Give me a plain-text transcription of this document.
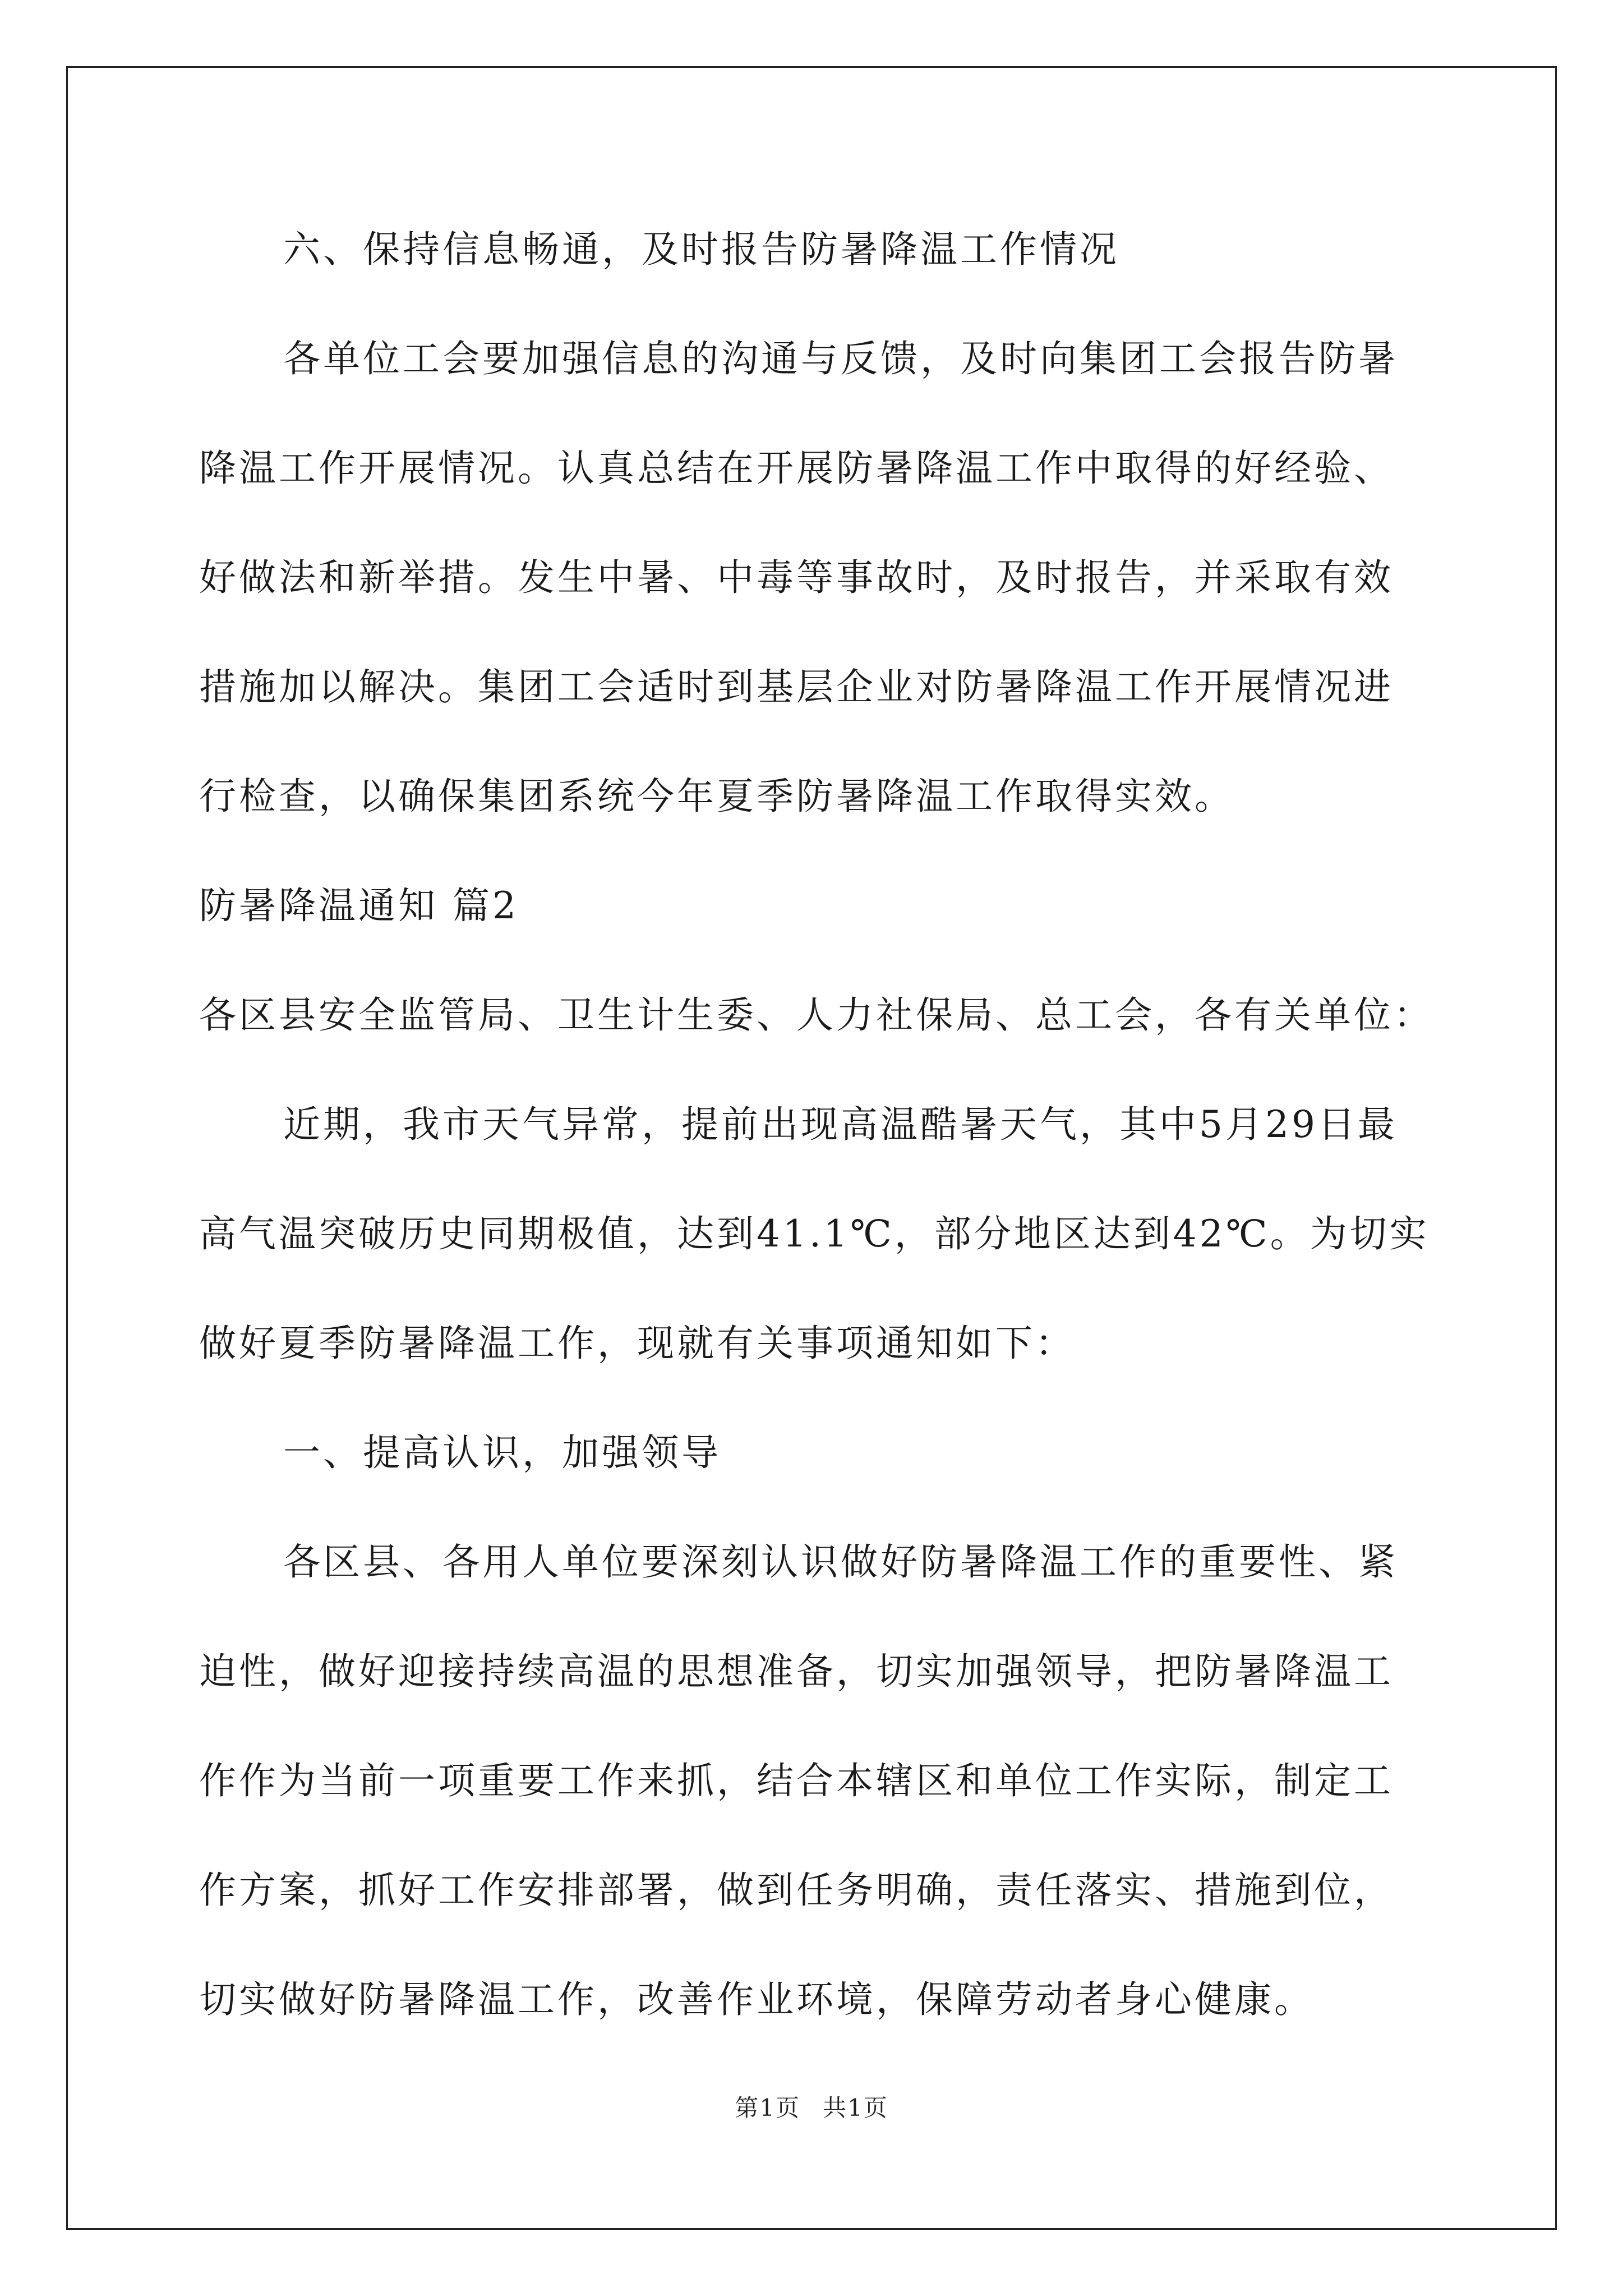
六、保持信息畅通，及时报告防暑降温工作情况
各单位工会要加强信息的沟通与反馈，及时向集团工会报告防暑
降温工作开展情况。认真总结在开展防暑降温工作中取得的好经验、
好做法和新举措。发生中暑、中毒等事故时，及时报告，并采取有效
措施加以解决。集团工会适时到基层企业对防暑降温工作开展情况进
行检查，以确保集团系统今年夏季防暑降温工作取得实效。
防暑降温通知 篇2
各区县安全监管局、卫生计生委、人力社保局、总工会，各有关单位：
近期，我市天气异常，提前出现高温酷暑天气，其中5月29日最
高气温突破历史同期极值，达到41.1℃，部分地区达到42℃。为切实
做好夏季防暑降温工作，现就有关事项通知如下：
一、提高认识，加强领导
各区县、各用人单位要深刻认识做好防暑降温工作的重要性、紧
迫性，做好迎接持续高温的思想准备，切实加强领导，把防暑降温工
作作为当前一项重要工作来抓，结合本辖区和单位工作实际，制定工
作方案，抓好工作安排部署，做到任务明确，责任落实、措施到位，
切实做好防暑降温工作，改善作业环境，保障劳动者身心健康。
第1页 共1页
